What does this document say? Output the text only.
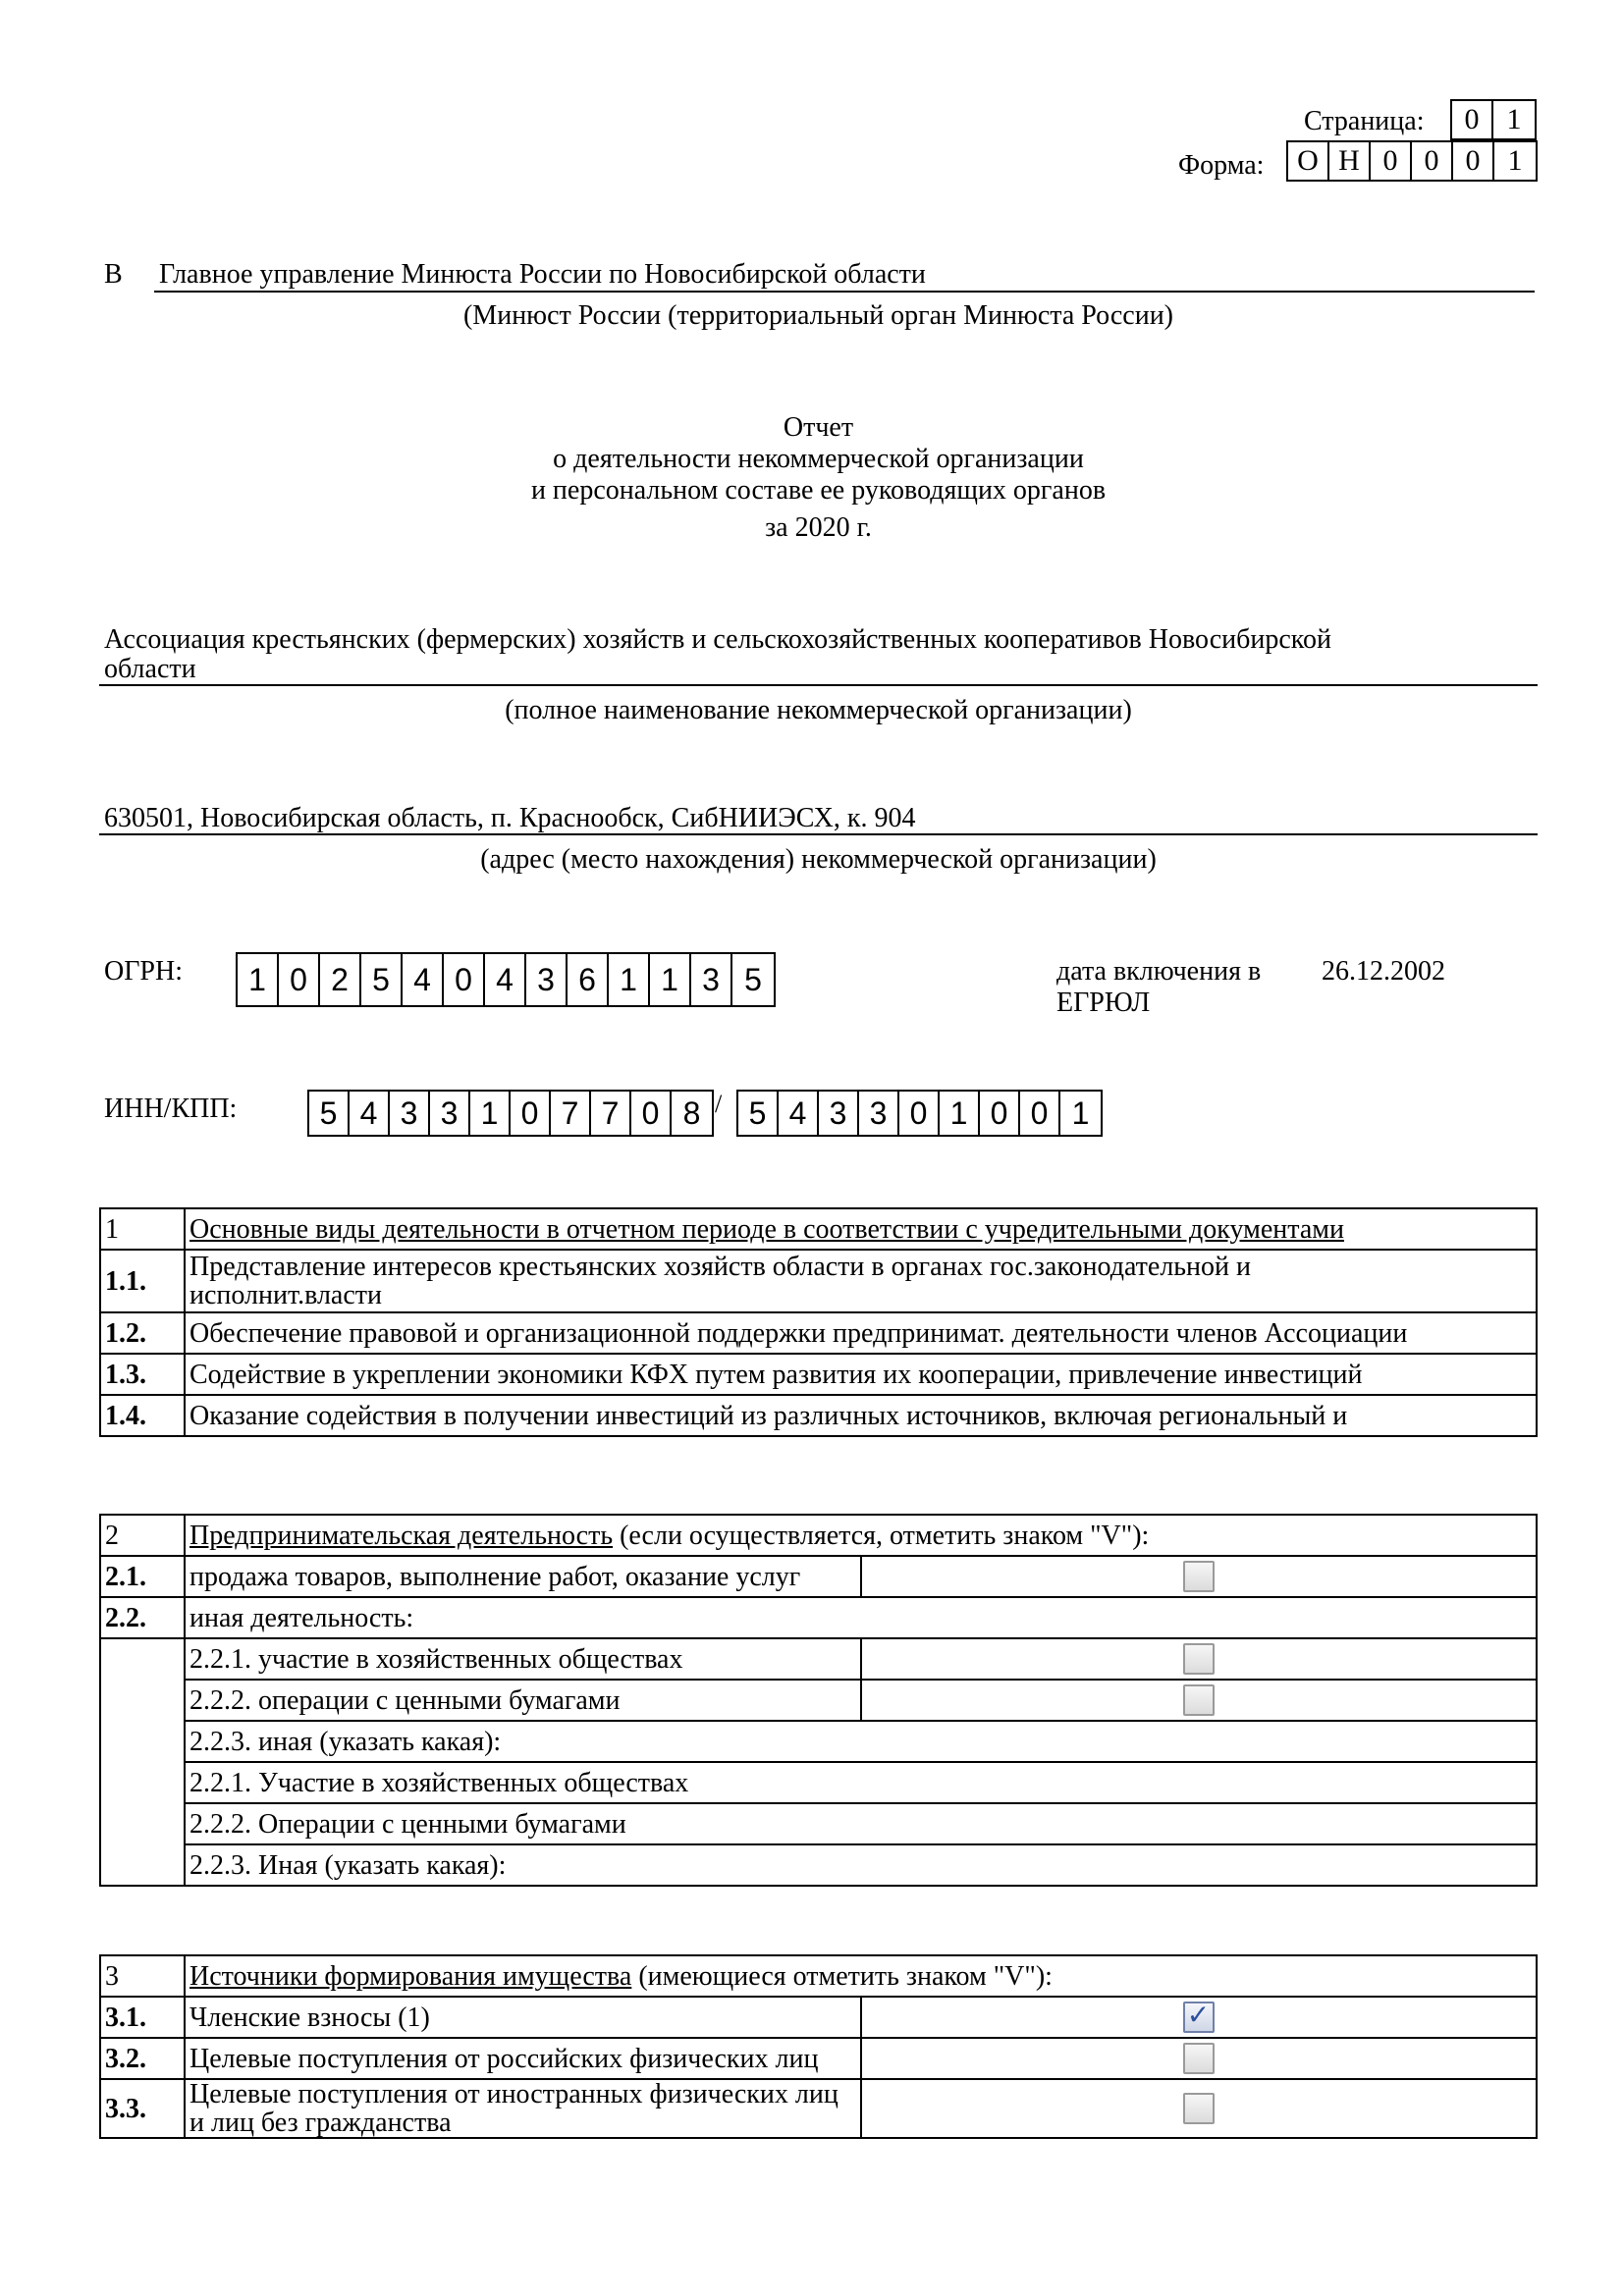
Страница:	0 1
Форма:	О Н 0 0 0 1
В Главное управление Минюста России по Новосибирской области
(Минюст России (территориальный орган Минюста России)
Отчет
о деятельности некоммерческой организации
и персональном составе ее руководящих органов
за 2020 г.
Ассоциация крестьянских (фермерских) хозяйств и сельскохозяйственных кооперативов Новосибирской
области
(полное наименование некоммерческой организации)
630501, Новосибирская область, п. Краснообск, СибНИИЭСХ, к. 904
(адрес (место нахождения) некоммерческой организации)
ОГРН:	1 0 2 5 4 0 4 3 6 1 1 3 5	дата включения в
ЕГРЮЛ
26.12.2002
ИНН/КПП:	5 4 3 3 1 0 7 7 0 8 / 5 4 3 3 0 1 0 0 1
1	Основные виды деятельности в отчетном периоде в соответствии с учредительными документами
1.1.	Представление интересов крестьянских хозяйств области в органах гос.законодательной и
исполнит.власти

1.2.	Обеспечение правовой и организационной поддержки предпринимат. деятельности членов Ассоциации
1.3.	Содействие в укреплении экономики КФХ путем развития их кооперации, привлечение инвестиций
1.4.	Оказание содействия в получении инвестиций из различных источников, включая региональный и
2	Предпринимательская деятельность (если осуществляется, отметить знаком "V"):	
2.1.	продажа товаров, выполнение работ, оказание услуг	
2.2.	иная деятельность:	
	2.2.1. участие в хозяйственных обществах	
	2.2.2. операции с ценными бумагами	
	2.2.3. иная (указать какая):	
	2.2.1. Участие в хозяйственных обществах	
	2.2.2. Операции с ценными бумагами	
	2.2.3. Иная (указать какая):	
3	Источники формирования имущества (имеющиеся отметить знаком "V"):	
3.1.	Членские взносы (1)	✓

3.2.	Целевые поступления от российских физических лиц	
3.3.	Целевые поступления от иностранных физических лиц и лиц без гражданства	
